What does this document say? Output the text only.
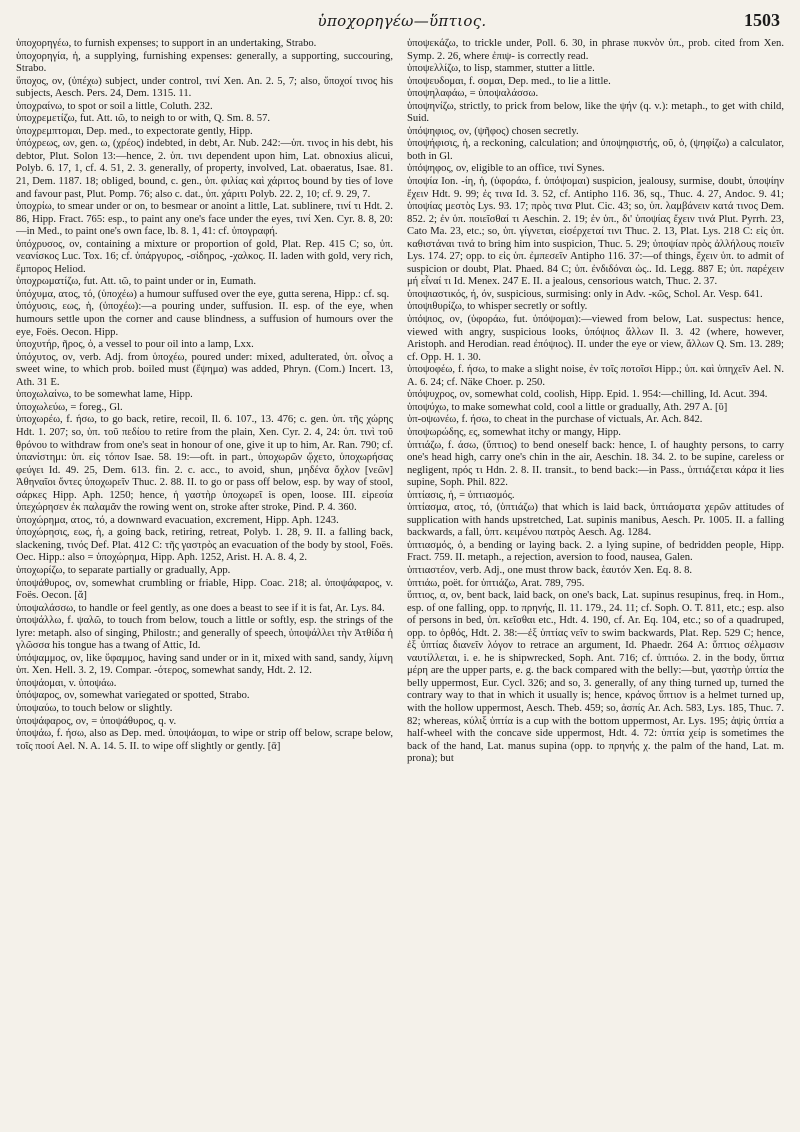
ὑποχορηγέω—ὕπτιος.	1503

ὑποχορηγέω, to furnish expenses; to support in an undertaking, Strabo.

ὑποχορηγία, ἡ, a supplying, furnishing expenses: generally, a supporting, succouring, Strabo.

ὕποχος, ον, (ὑπέχω) subject, under control, τινί Xen. An. 2. 5, 7; also, ὕποχοί τινος his subjects, Aesch. Pers. 24, Dem. 1315. 11.

ὑποχραίνω, to spot or soil a little, Coluth. 232.

ὑποχρεμετίζω, fut. Att. ιῶ, to neigh to or with, Q. Sm. 8. 57.

ὑποχρεμπτομαι, Dep. med., to expectorate gently, Hipp.

ὑπόχρεως, ων, gen. ω, (χρέος) indebted, in debt, Ar. Nub. 242:—ὑπ. τινος in his debt, his debtor, Plut. Solon 13:—hence, 2. ὑπ. τινι dependent upon him, Lat. obnoxius alicui, Polyb. 6. 17, 1, cf. 4. 51, 2. 3. generally, of property, involved, Lat. obaeratus, Isae. 81. 21, Dem. 1187. 18; obliged, bound, c. gen., ὑπ. φιλίας καὶ χάριτος bound by ties of love and favour past, Plut. Pomp. 76; also c. dat., ὑπ. χάριτι Polyb. 22. 2, 10; cf. 9. 29, 7.

ὑποχρίω, to smear under or on, to besmear or anoint a little, Lat. sublinere, τινί τι Hdt. 2. 86, Hipp. Fract. 765: esp., to paint any one's face under the eyes, τινί Xen. Cyr. 8. 8, 20:—in Med., to paint one's own face, lb. 8. 1, 41: cf. ὑπογραφή.

ὑπόχρυσος, ον, containing a mixture or proportion of gold, Plat. Rep. 415 C; so, ὑπ. νεανίσκος Luc. Tox. 16; cf. ὑπάργυρος, -σίδηρος, -χαλκος. II. laden with gold, very rich, ἔμπορος Heliod.

ὑποχρωματίζω, fut. Att. ιῶ, to paint under or in, Eumath.

ὑπόχυμα, ατος, τό, (ὑποχέω) a humour suffused over the eye, gutta serena, Hipp.: cf. sq.

ὑπόχυσις, εως, ἡ, (ὑποχέω):—a pouring under, suffusion. II. esp. of the eye, when humours settle upon the corner and cause blindness, a suffusion of humours over the eye, Foës. Oecon. Hipp.

ὑποχυτήρ, ῆρος, ὁ, a vessel to pour oil into a lamp, Lxx.

ὑπόχυτος, ον, verb. Adj. from ὑποχέω, poured under: mixed, adulterated, ὑπ. οἶνος a sweet wine, to which prob. boiled must (ἕψημα) was added, Phryn. (Com.) Incert. 13, Ath. 31 E.

ὑποχωλαίνω, to be somewhat lame, Hipp.

ὑποχωλεύω, = foreg., Gl.

ὑποχωρέω, f. ήσω, to go back, retire, recoil, Il. 6. 107., 13. 476; c. gen. ὑπ. τῆς χώρης Hdt. 1. 207; so, ὑπ. τοῦ πεδίου to retire from the plain, Xen. Cyr. 2. 4, 24: ὑπ. τινὶ τοῦ θρόνου to withdraw from one's seat in honour of one, give it up to him, Ar. Ran. 790; cf. ὑπανίστημι: ὑπ. εἰς τόπον Isae. 58. 19:—oft. in part., ὑποχωρῶν ᾤχετο, ὑποχωρήσας φεύγει Id. 49. 25, Dem. 613. fin. 2. c. acc., to avoid, shun, μηδένα ὄχλον [νεῶν] Ἀθηναῖοι ὄντες ὑποχωρεῖν Thuc. 2. 88. II. to go or pass off below, esp. by way of stool, σάρκες Hipp. Aph. 1250; hence, ἡ γαστὴρ ὑποχωρεῖ is open, loose. III. εἰρεσία ὑπεχώρησεν ἐκ παλαμᾶν the rowing went on, stroke after stroke, Pind. P. 4. 360.

ὑποχώρημα, ατος, τό, a downward evacuation, excrement, Hipp. Aph. 1243.

ὑποχώρησις, εως, ἡ, a going back, retiring, retreat, Polyb. 1. 28, 9. II. a falling back, slackening, τινός Def. Plat. 412 C: τῆς γαστρὸς an evacuation of the body by stool, Foës. Oec. Hipp.: also = ὑποχώρημα, Hipp. Aph. 1252, Arist. H. A. 8. 4, 2.

ὑποχωρίζω, to separate partially or gradually, App.

ὑποψάθυρος, ον, somewhat crumbling or friable, Hipp. Coac. 218; al. ὑποψάφαρος, v. Foës. Oecon. [ᾰ]

ὑποψαλάσσω, to handle or feel gently, as one does a beast to see if it is fat, Ar. Lys. 84.

ὑποψάλλω, f. ψαλῶ, to touch from below, touch a little or softly, esp. the strings of the lyre: metaph. also of singing, Philostr.; and generally of speech, ὑποψάλλει τὴν Ἀτθίδα ἡ γλῶσσα his tongue has a twang of Attic, Id.

ὑπόψαμμος, ον, like ὕφαμμος, having sand under or in it, mixed with sand, sandy, λίμνη ὑπ. Xen. Hell. 3. 2, 19. Compar. -ότερος, somewhat sandy, Hdt. 2. 12.

ὑποψάομαι, v. ὑποψάω.

ὑπόψαρος, ον, somewhat variegated or spotted, Strabo.

ὑποψαύω, to touch below or slightly.

ὑποψάφαρος, ον, = ὑποψάθυρος, q. v.

ὑποψάω, f. ήσω, also as Dep. med. ὑποψάομαι, to wipe or strip off below, scrape below, τοῖς ποσί Ael. N. A. 14. 5. II. to wipe off slightly or gently. [ᾱ]

ὑποψεκάζω, to trickle under, Poll. 6. 30, in phrase πυκνὸν ὑπ., prob. cited from Xen. Symp. 2. 26, where ἐπιψ- is correctly read.

ὑποψελλίζω, to lisp, stammer, stutter a little.

ὑποψευδομαι, f. σομαι, Dep. med., to lie a little.

ὑποψηλαφάω, = ὑποψαλάσσω.

ὑποψηνίζω, strictly, to prick from below, like the ψήν (q. v.): metaph., to get with child, Suid.

ὑπόψηφιος, ον, (ψῆφος) chosen secretly.

ὑποψήφισις, ἡ, a reckoning, calculation; and ὑποψηφιστής, οῦ, ὁ, (ψηφίζω) a calculator, both in Gl.

ὑπόψηφος, ον, eligible to an office, τινί Synes.

ὑποψία Ion. -ίη, ἡ, (ὑφοράω, f. ὑπόψομαι) suspicion, jealousy, surmise, doubt, ὑποψίην ἔχειν Hdt. 9. 99; ἐς τινα Id. 3. 52, cf. Antipho 116. 36, sq., Thuc. 4. 27, Andoc. 9. 41; ὑποψίας μεστὸς Lys. 93. 17; πρὸς τινα Plut. Cic. 43; so, ὑπ. λαμβάνειν κατά τινος Dem. 852. 2; ἐν ὑπ. ποιεῖσθαί τι Aeschin. 2. 19; ἐν ὑπ., δι' ὑποψίας ἔχειν τινά Plut. Pyrrh. 23, Cato Ma. 23, etc.; so, ὑπ. γίγνεται, εἰσέρχεταί τινι Thuc. 2. 13, Plat. Lys. 218 C: εἰς ὑπ. καθιστάναι τινά to bring him into suspicion, Thuc. 5. 29; ὑποψίαν πρὸς ἀλλήλους ποιεῖν Lys. 174. 27; opp. to εἰς ὑπ. ἐμπεσεῖν Antipho 116. 37:—of things, ἔχειν ὑπ. to admit of suspicion or doubt, Plat. Phaed. 84 C; ὑπ. ἐνδιδόναι ὡς.. Id. Legg. 887 E; ὑπ. παρέχειν μή εἶναί τι Id. Menex. 247 E. II. a jealous, censorious watch, Thuc. 2. 37.

ὑποψιαστικός, ή, όν, suspicious, surmising: only in Adv. -κῶς, Schol. Ar. Vesp. 641.

ὑποψιθυρίζω, to whisper secretly or softly.

ὑπόψιος, ον, (ὑφοράω, fut. ὑπόψομαι):—viewed from below, Lat. suspectus: hence, viewed with angry, suspicious looks, ὑπόψιος ἄλλων Il. 3. 42 (where, however, Aristoph. and Herodian. read ἐπόψιος). II. under the eye or view, ἄλλων Q. Sm. 13. 289; cf. Opp. H. 1. 30.

ὑποψοφέω, f. ήσω, to make a slight noise, ἐν τοῖς ποτοῖσι Hipp.; ὑπ. καὶ ὑπηχεῖν Ael. N. A. 6. 24; cf. Näke Choer. p. 250.

ὑπόψυχρος, ον, somewhat cold, coolish, Hipp. Epid. 1. 954:—chilling, Id. Acut. 394.

ὑποψύχω, to make somewhat cold, cool a little or gradually, Ath. 297 A. [ῡ]

ὑπ-οψωνέω, f. ήσω, to cheat in the purchase of victuals, Ar. Ach. 842.

ὑποψωρώδης, ες, somewhat itchy or mangy, Hipp.

ὑπτιάζω, f. άσω, (ὕπτιος) to bend oneself back: hence, I. of haughty persons, to carry one's head high, carry one's chin in the air, Aeschin. 18. 34. 2. to be supine, careless or negligent, πρός τι Hdn. 2. 8. II. transit., to bend back:—in Pass., ὑπτιάζεται κάρα it lies supine, Soph. Phil. 822.

ὑπτίασις, ἡ, = ὑπτιασμός.

ὑπτίασμα, ατος, τό, (ὑπτιάζω) that which is laid back, ὑπτιάσματα χερῶν attitudes of supplication with hands upstretched, Lat. supinis manibus, Aesch. Pr. 1005. II. a falling backwards, a fall, ὑπτ. κειμένου πατρὸς Aesch. Ag. 1284.

ὑπτιασμός, ὁ, a bending or laying back. 2. a lying supine, of bedridden people, Hipp. Fract. 759. II. metaph., a rejection, aversion to food, nausea, Galen.

ὑπτιαστέον, verb. Adj., one must throw back, ἑαυτόν Xen. Eq. 8. 8.

ὑπτιάω, poët. for ὑπτιάζω, Arat. 789, 795.

ὕπτιος, α, ον, bent back, laid back, on one's back, Lat. supinus resupinus, freq. in Hom., esp. of one falling, opp. to πρηνής, Il. 11. 179., 24. 11; cf. Soph. O. T. 811, etc.; esp. also of persons in bed, ὑπ. κεῖσθαι etc., Hdt. 4. 190, cf. Ar. Eq. 104, etc.; so of a quadruped, opp. to ὀρθός, Hdt. 2. 38:—ἐξ ὑπτίας νεῖν to swim backwards, Plat. Rep. 529 C; hence, ἐξ ὑπτίας διανεῖν λόγον to retrace an argument, Id. Phaedr. 264 A: ὕπτιος σέλμασιν ναυτίλλεται, i. e. he is shipwrecked, Soph. Ant. 716; cf. ὑπτιόω. 2. in the body, ὕπτια μέρη are the upper parts, e. g. the back compared with the belly:—but, γαστὴρ ὑπτία the belly uppermost, Eur. Cycl. 326; and so, 3. generally, of any thing turned up, turned the contrary way to that in which it usually is; hence, κράνος ὕπτιον is a helmet turned up, with the hollow uppermost, Aesch. Theb. 459; so, ἀσπίς Ar. Ach. 583, Lys. 185, Thuc. 7. 82; whereas, κύλιξ ὑπτία is a cup with the bottom uppermost, Ar. Lys. 195; ἀψὶς ὑπτία a half-wheel with the concave side uppermost, Hdt. 4. 72: ὑπτία χείρ is sometimes the back of the hand, Lat. manus supina (opp. to πρηνής χ. the palm of the hand, Lat. m. prona); but
